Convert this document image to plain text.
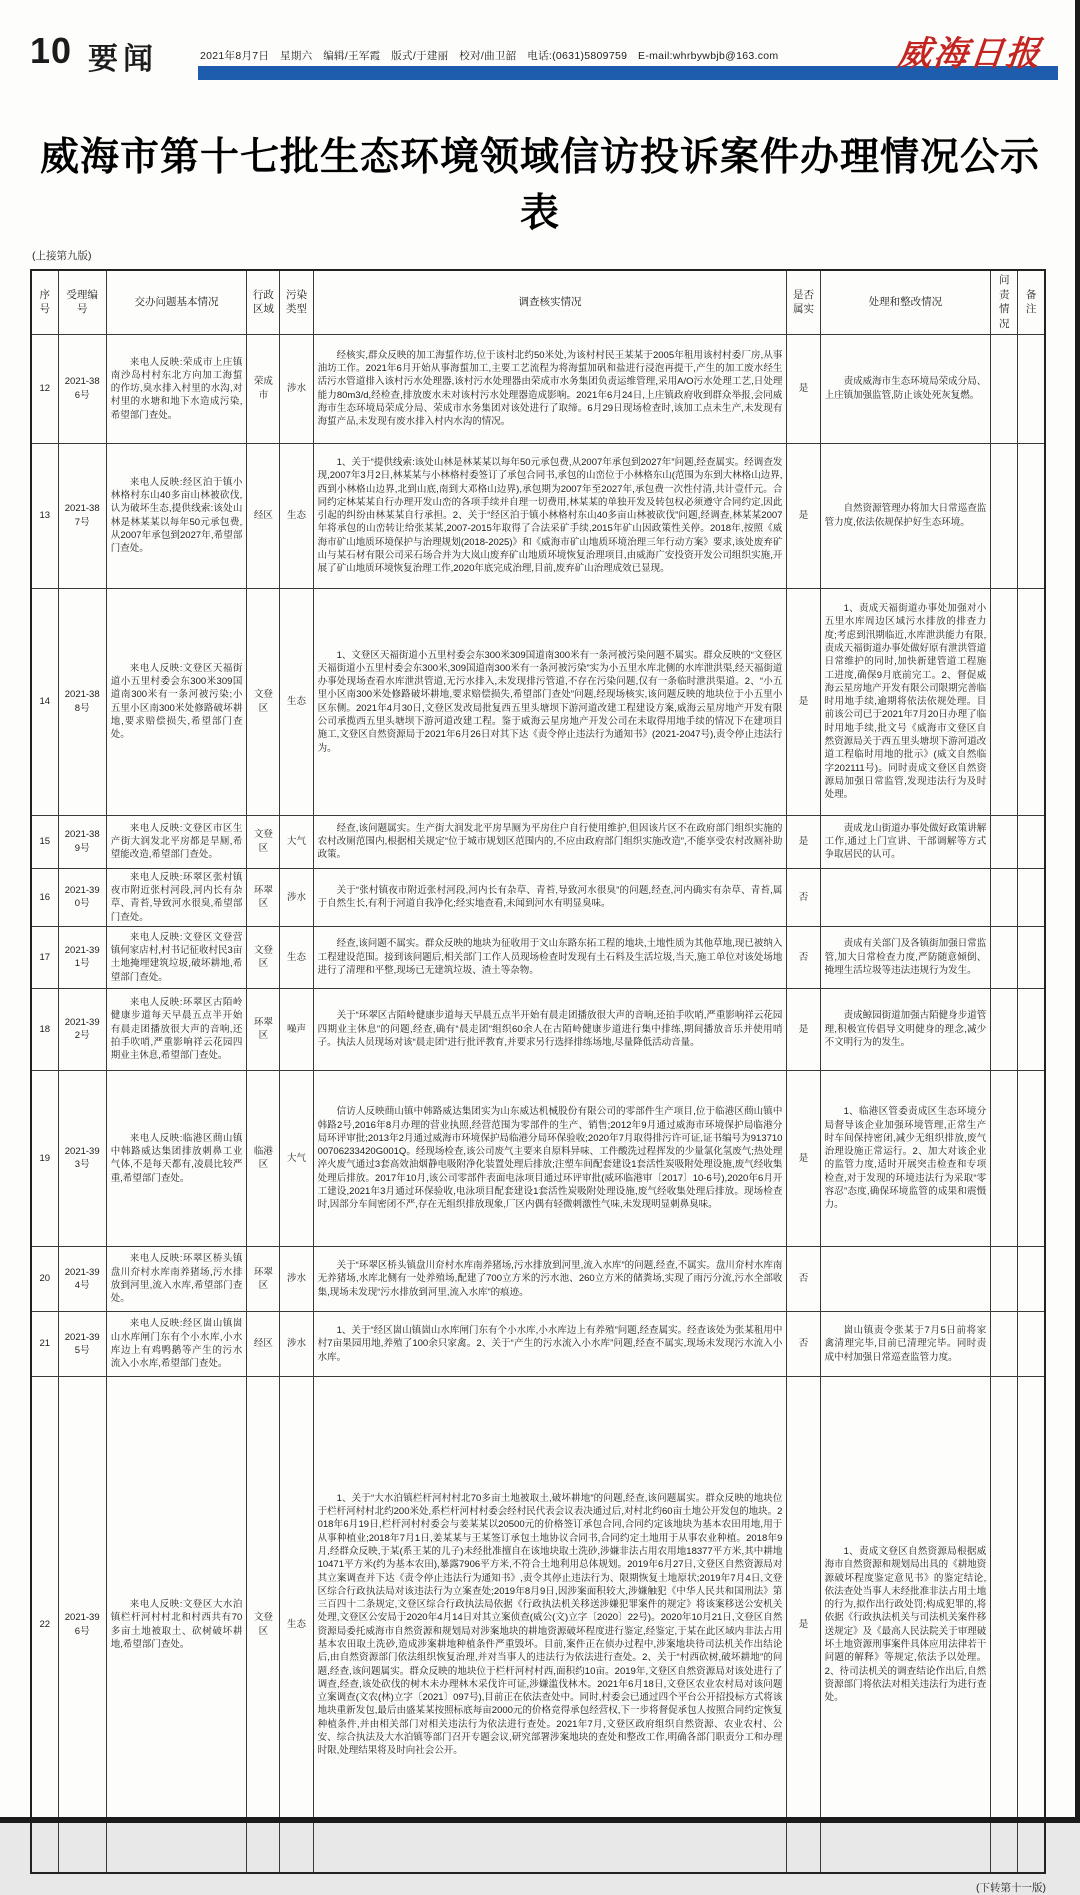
10 要闻	2021年8月7日　星期六　编辑/王军霞　版式/于建丽　校对/曲卫韶　电话:(0631)5809759　E-mail:whrbywbjb@163.com	威海日报
威海市第十七批生态环境领域信访投诉案件办理情况公示表
(上接第九版)
序号	受理编号	交办问题基本情况	行政区域	污染类型	调查核实情况	是否属实	处理和整改情况	问责情况	备注
12	2021-386号	来电人反映:荣成市上庄镇南沙岛村村东北方向加工海蜇的作坊,臭水排入村里的水沟,对村里的水塘和地下水造成污染,希望部门查处。	荣成市	涉水	经核实,群众反映的加工海蜇作坊,位于该村北约50米处,为该村村民王某某于2005年租用该村村委厂房,从事油坊工作。2021年6月开始从事海蜇加工,主要工艺流程为将海蜇加矾和盐进行浸泡再提干,产生的加工废水经生活污水管道排入该村污水处理器,该村污水处理器由荣成市水务集团负责运维管理,采用A/O污水处理工艺,日处理能力80m3/d,经检查,排放废水未对该村污水处理器造成影响。2021年6月24日,上庄镇政府收到群众举报,会同威海市生态环境局荣成分局、荣成市水务集团对该处进行了取缔。6月29日现场检查时,该加工点未生产,未发现有海蜇产品,未发现有废水排入村内水沟的情况。	是	责成威海市生态环境局荣成分局、上庄镇加强监管,防止该处死灰复燃。		
13	2021-387号	来电人反映:经区泊于镇小林格村东山40多亩山林被砍伐,认为破坏生态,提供线索:该处山林是林某某以每年50元承包费,从2007年承包到2027年,希望部门查处。	经区	生态	1、关于“提供线索:该处山林是林某某以每年50元承包费,从2007年承包到2027年”问题,经查属实。经调查发现,2007年3月2日,林某某与小林格村委签订了承包合同书,承包的山峦位于小林格东山(范围为东到大林格山边界,西到小林格山边界,北到山底,南到大邓格山边界),承包期为2007年至2027年,承包费一次性付清,共计壹仟元。合同约定林某某自行办理开发山峦的各项手续并自理一切费用,林某某的单独开发及转包权必须遵守合同约定,因此引起的纠纷由林某某自行承担。2、关于“经区泊于镇小林格村东山40多亩山林被砍伐”问题,经调查,林某某2007年将承包的山峦转让给张某某,2007-2015年取得了合法采矿手续,2015年矿山因政策性关停。2018年,按照《威海市矿山地质环境保护与治理规划(2018-2025)》和《威海市矿山地质环境治理三年行动方案》要求,该处废弃矿山与某石材有限公司采石场合并为大岚山废弃矿山地质环境恢复治理项目,由威海广安投资开发公司组织实施,开展了矿山地质环境恢复治理工作,2020年底完成治理,目前,废弃矿山治理成效已显现。	是	自然资源管理办将加大日常巡查监管力度,依法依规保护好生态环境。		
14	2021-388号	来电人反映:文登区天福街道小五里村委会东300米309国道南300米有一条河被污染;小五里小区南300米处修路破坏耕地,要求赔偿损失,希望部门查处。	文登区	生态	1、文登区天福街道小五里村委会东300米309国道南300米有一条河被污染问题不属实。群众反映的“文登区天福街道小五里村委会东300米,309国道南300米有一条河被污染”实为小五里水库北侧的水库泄洪渠,经天福街道办事处现场查看水库泄洪管道,无污水排入,未发现排污管道,不存在污染问题,仅有一条临时泄洪渠道。2、“小五里小区南300米处修路破坏耕地,要求赔偿损失,希望部门查处”问题,经现场核实,该问题反映的地块位于小五里小区东侧。2021年4月30日,文登区发改局批复西五里头塘坝下游河道改建工程建设方案,威海云星房地产开发有限公司承揽西五里头塘坝下游河道改建工程。鉴于威海云星房地产开发公司在未取得用地手续的情况下在建项目施工,文登区自然资源局于2021年6月26日对其下达《责令停止违法行为通知书》(2021-2047号),责令停止违法行为。	是	1、责成天福街道办事处加强对小五里水库周边区域污水排放的排查力度;考虑到汛期临近,水库泄洪能力有限,责成天福街道办事处做好原有泄洪管道日常维护的同时,加快新建管道工程施工进度,确保9月底前完工。2、督促威海云星房地产开发有限公司限期完善临时用地手续,逾期将依法依规处理。目前该公司已于2021年7月20日办理了临时用地手续,批文号《威海市文登区自然资源局关于西五里头塘坝下游河道改道工程临时用地的批示》(威文自然临字202111号)。同时责成文登区自然资源局加强日常监管,发现违法行为及时处理。		
15	2021-389号	来电人反映:文登区市区生产街大润发北平房都是旱厕,希望能改造,希望部门查处。	文登区	大气	经查,该问题属实。生产街大润发北平房旱厕为平房住户自行使用维护,但因该片区不在政府部门组织实施的农村改厕范围内,根据相关规定“位于城市规划区范围内的,不应由政府部门组织实施改造”,不能享受农村改厕补助政策。	是	责成龙山街道办事处做好政策讲解工作,通过上门宣讲、干部调解等方式争取居民的认可。		
16	2021-390号	来电人反映:环翠区张村镇夜市附近张村河段,河内长有杂草、青苔,导致河水很臭,希望部门查处。	环翠区	涉水	关于“张村镇夜市附近张村河段,河内长有杂草、青苔,导致河水很臭”的问题,经查,河内确实有杂草、青苔,属于自然生长,有利于河道自我净化;经实地查看,未闻到河水有明显臭味。	否			
17	2021-391号	来电人反映:文登区文登营镇何家店村,村书记征收村民3亩土地掩埋建筑垃圾,破坏耕地,希望部门查处。	文登区	生态	经查,该问题不属实。群众反映的地块为征收用于文山东路东拓工程的地块,土地性质为其他草地,现已被纳入工程建设范围。接到该问题后,相关部门工作人员现场检查时发现有土石料及生活垃圾,当天,施工单位对该处场地进行了清理和平整,现场已无建筑垃圾、渣土等杂物。	否	责成有关部门及各镇街加强日常监管,加大日常检查力度,严防随意倾倒、掩埋生活垃圾等违法违规行为发生。		
18	2021-392号	来电人反映:环翠区古陌岭健康步道每天早晨五点半开始有晨走团播放很大声的音响,还拍手吹哨,严重影响祥云花园四期业主休息,希望部门查处。	环翠区	噪声	关于“环翠区古陌岭健康步道每天早晨五点半开始有晨走团播放很大声的音响,还拍手吹哨,严重影响祥云花园四期业主休息”的问题,经查,确有“晨走团”组织60余人在古陌岭健康步道进行集中排练,期间播放音乐并使用哨子。执法人员现场对该“晨走团”进行批评教育,并要求另行选择排练场地,尽量降低活动音量。	是	责成鲸园街道加强古陌健身步道管理,积极宣传倡导文明健身的理念,减少不文明行为的发生。		
19	2021-393号	来电人反映:临港区蔄山镇中韩路威达集团排放刺鼻工业气体,不是每天都有,凌晨比较严重,希望部门查处。	临港区	大气	信访人反映蔄山镇中韩路威达集团实为山东威达机械股份有限公司的零部件生产项目,位于临港区蔄山镇中韩路2号,2016年8月办理的营业执照,经营范围为零部件的生产、销售;2012年9月通过威海市环境保护局临港分局环评审批;2013年2月通过威海市环境保护局临港分局环保验收;2020年7月取得排污许可证,证书编号为91371000706233420G001Q。经现场检查,该公司废气主要来自原料异味、工件酸洗过程挥发的少量氯化氢废气;热处理淬火废气通过3套高效油烟静电吸附净化装置处理后排放;注塑车间配套建设1套活性炭吸附处理设施,废气经收集处理后排放。2017年10月,该公司零部件表面电泳项目通过环评审批(威环临港审〔2017〕10-6号),2020年6月开工建设,2021年3月通过环保验收,电泳项目配套建设1套活性炭吸附处理设施,废气经收集处理后排放。现场检查时,因部分车间密闭不严,存在无组织排放现象,厂区内偶有轻微刺激性气味,未发现明显刺鼻臭味。	是	1、临港区管委责成区生态环境分局督导该企业加强环境管理,正常生产时车间保持密闭,减少无组织排放,废气治理设施正常运行。2、加大对该企业的监管力度,适时开展突击检查和专项检查,对于发现的环境违法行为采取“零容忍”态度,确保环境监管的成果和震慑力。		
20	2021-394号	来电人反映:环翠区桥头镇盘川夼村水库南养猪场,污水排放到河里,流入水库,希望部门查处。	环翠区	涉水	关于“环翠区桥头镇盘川夼村水库南养猪场,污水排放到河里,流入水库”的问题,经查,不属实。盘川夼村水库南无养猪场,水库北侧有一处养殖场,配建了700立方米的污水池、260立方米的储粪场,实现了雨污分流,污水全部收集,现场未发现“污水排放到河里,流入水库”的痕迹。	否			
21	2021-395号	来电人反映:经区崮山镇崮山水库闸门东有个小水库,小水库边上有鸡鸭鹅等产生的污水流入小水库,希望部门查处。	经区	涉水	1、关于“经区崮山镇崮山水库闸门东有个小水库,小水库边上有养殖”问题,经查属实。经查该处为张某租用中村7亩果园用地,养殖了100余只家禽。2、关于“产生的污水流入小水库”问题,经查不属实,现场未发现污水流入小水库。	否	崮山镇责令张某于7月5日前将家禽清理完毕,目前已清理完毕。同时责成中村加强日常巡查监管力度。		
22	2021-396号	来电人反映:文登区大水泊镇栏杆河村村北和村西共有70多亩土地被取土、砍树破坏耕地,希望部门查处。	文登区	生态	1、关于“大水泊镇栏杆河村村北70多亩土地被取土,破坏耕地”的问题,经查,该问题属实。群众反映的地块位于栏杆河村村北约200米处,系栏杆河村村委会经村民代表会议表决通过后,对村北约60亩土地公开发包的地块。2018年6月19日,栏杆河村村委会与姜某某以20500元的价格签订承包合同,合同约定该地块为基本农田用地,用于从事种植业;2018年7月1日,姜某某与王某签订承包土地协议合同书,合同约定土地用于从事农业种植。2018年9月,经群众反映,于某(系王某的儿子)未经批准擅自在该地块取土洗砂,涉嫌非法占用农用地18377平方米,其中耕地10471平方米(约为基本农田),暴露7906平方米,不符合土地利用总体规划。2019年6月27日,文登区自然资源局对其立案调查并下达《责令停止违法行为通知书》,责令其停止违法行为、限期恢复土地原状;2019年7月4日,文登区综合行政执法局对该违法行为立案查处;2019年8月9日,因涉案面积较大,涉嫌触犯《中华人民共和国刑法》第三百四十二条规定,文登区综合行政执法局依据《行政执法机关移送涉嫌犯罪案件的规定》将该案移送公安机关处理,文登区公安局于2020年4月14日对其立案侦查(威公(文)立字〔2020〕22号)。2020年10月21日,文登区自然资源局委托威海市自然资源和规划局对涉案地块的耕地资源破坏程度进行鉴定,经鉴定,于某在此区域内非法占用基本农田取土洗砂,造成涉案耕地种植条件严重毁坏。目前,案件正在侦办过程中,涉案地块待司法机关作出结论后,由自然资源部门依法组织恢复治理,并对当事人的违法行为依法进行查处。2、关于“村西砍树,破坏耕地”的问题,经查,该问题属实。群众反映的地块位于栏杆河村村西,面积约10亩。2019年,文登区自然资源局对该处进行了调查,经查,该处砍伐的树木未办理林木采伐许可证,涉嫌滥伐林木。2021年6月18日,文登区农业农村局对该问题立案调查(文农(林)立字〔2021〕097号),目前正在依法查处中。同时,村委会已通过四个平台公开招投标方式将该地块重新发包,最后由盛某某按照标底每亩2000元的价格竞得承包经营权,下一步将督促承包人按照合同约定恢复种植条件,并由相关部门对相关违法行为依法进行查处。2021年7月,文登区政府组织自然资源、农业农村、公安、综合执法及大水泊镇等部门召开专题会议,研究部署涉案地块的查处和整改工作,明确各部门职责分工和办理时限,处理结果将及时向社会公开。	是	1、责成文登区自然资源局根据威海市自然资源和规划局出具的《耕地资源破坏程度鉴定意见书》的鉴定结论,依法查处当事人未经批准非法占用土地的行为,拟作出行政处罚;构成犯罪的,将依据《行政执法机关与司法机关案件移送规定》及《最高人民法院关于审理破坏土地资源刑事案件具体应用法律若干问题的解释》等规定,依法予以处理。2、待司法机关的调查结论作出后,自然资源部门将依法对相关违法行为进行查处。		
(下转第十一版)
